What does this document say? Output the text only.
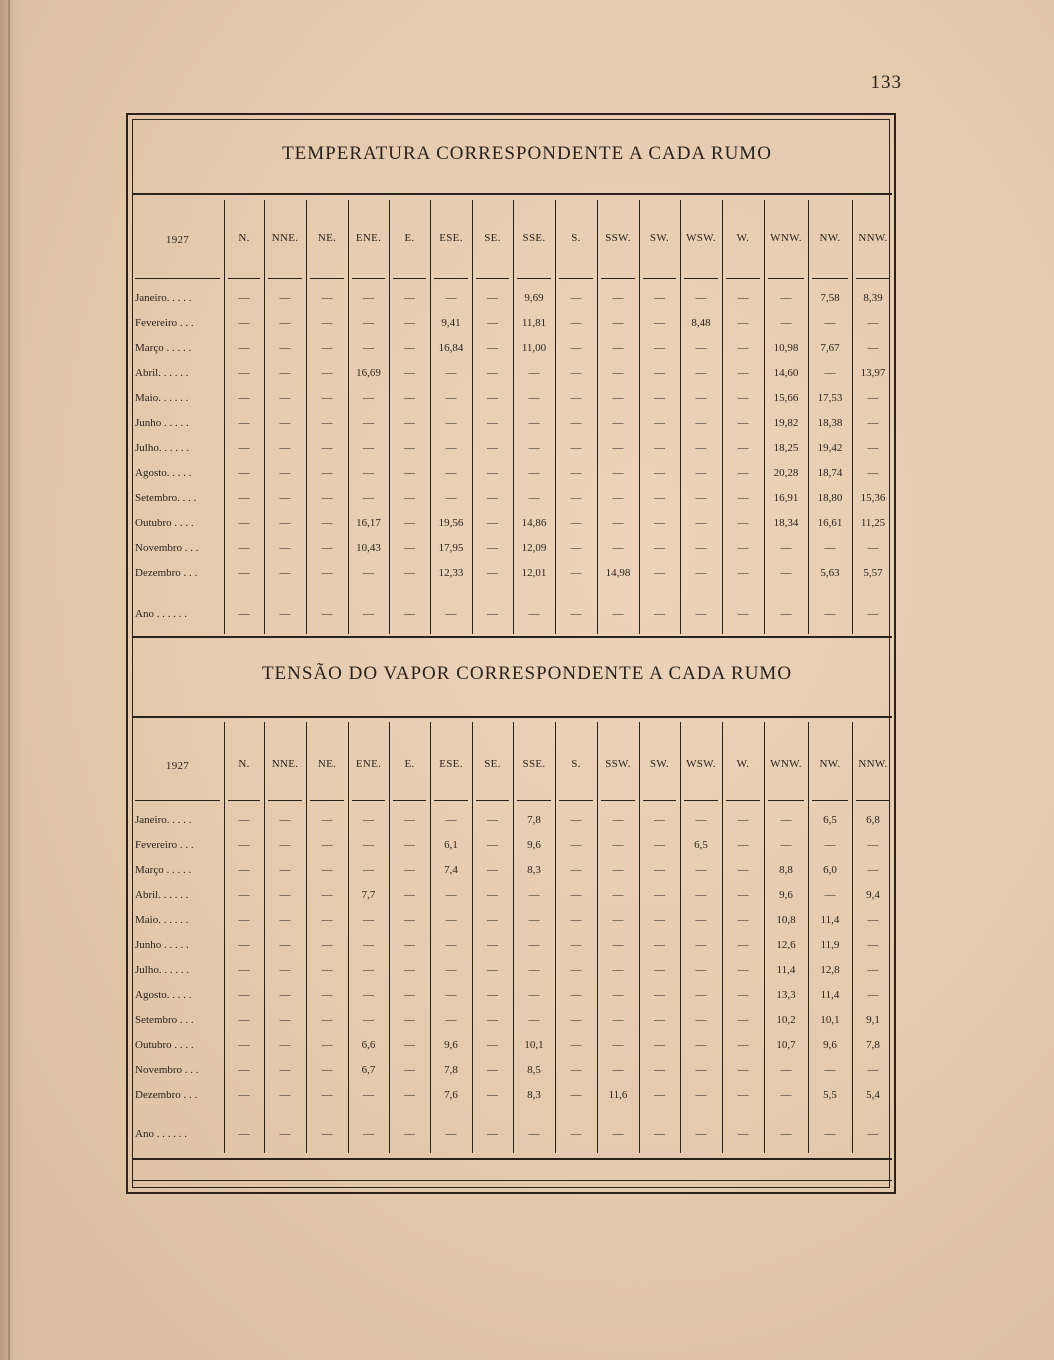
133
TEMPERATURA CORRESPONDENTE A CADA RUMO
1927	N.	NNE.	NE.	ENE.	E.	ESE.	SE.	SSE.	S.	SSW.	SW.	WSW.	W.	WNW.	NW.	NNW.
Janeiro. . . . .	—	—	—	—	—	—	—	9,69	—	—	—	—	—	—	7,58	8,39
Fevereiro . . .	—	—	—	—	—	9,41	—	11,81	—	—	—	8,48	—	—	—	—
Março . . . . .	—	—	—	—	—	16,84	—	11,00	—	—	—	—	—	10,98	7,67	—
Abril. . . . . .	—	—	—	16,69	—	—	—	—	—	—	—	—	—	14,60	—	13,97
Maio. . . . . .	—	—	—	—	—	—	—	—	—	—	—	—	—	15,66	17,53	—
Junho . . . . .	—	—	—	—	—	—	—	—	—	—	—	—	—	19,82	18,38	—
Julho. . . . . .	—	—	—	—	—	—	—	—	—	—	—	—	—	18,25	19,42	—
Agosto. . . . .	—	—	—	—	—	—	—	—	—	—	—	—	—	20,28	18,74	—
Setembro. . . .	—	—	—	—	—	—	—	—	—	—	—	—	—	16,91	18,80	15,36
Outubro . . . .	—	—	—	16,17	—	19,56	—	14,86	—	—	—	—	—	18,34	16,61	11,25
Novembro . . .	—	—	—	10,43	—	17,95	—	12,09	—	—	—	—	—	—	—	—
Dezembro . . .	—	—	—	—	—	12,33	—	12,01	—	14,98	—	—	—	—	5,63	5,57
Ano . . . . . .	—	—	—	—	—	—	—	—	—	—	—	—	—	—	—	—
TENSÃO DO VAPOR CORRESPONDENTE A CADA RUMO
1927	N.	NNE.	NE.	ENE.	E.	ESE.	SE.	SSE.	S.	SSW.	SW.	WSW.	W.	WNW.	NW.	NNW.
Janeiro. . . . .	—	—	—	—	—	—	—	7,8	—	—	—	—	—	—	6,5	6,8
Fevereiro . . .	—	—	—	—	—	6,1	—	9,6	—	—	—	6,5	—	—	—	—
Março . . . . .	—	—	—	—	—	7,4	—	8,3	—	—	—	—	—	8,8	6,0	—
Abril. . . . . .	—	—	—	7,7	—	—	—	—	—	—	—	—	—	9,6	—	9,4
Maio. . . . . .	—	—	—	—	—	—	—	—	—	—	—	—	—	10,8	11,4	—
Junho . . . . .	—	—	—	—	—	—	—	—	—	—	—	—	—	12,6	11,9	—
Julho. . . . . .	—	—	—	—	—	—	—	—	—	—	—	—	—	11,4	12,8	—
Agosto. . . . .	—	—	—	—	—	—	—	—	—	—	—	—	—	13,3	11,4	—
Setembro . . .	—	—	—	—	—	—	—	—	—	—	—	—	—	10,2	10,1	9,1
Outubro . . . .	—	—	—	6,6	—	9,6	—	10,1	—	—	—	—	—	10,7	9,6	7,8
Novembro . . .	—	—	—	6,7	—	7,8	—	8,5	—	—	—	—	—	—	—	—
Dezembro . . .	—	—	—	—	—	7,6	—	8,3	—	11,6	—	—	—	—	5,5	5,4
Ano . . . . . .	—	—	—	—	—	—	—	—	—	—	—	—	—	—	—	—
